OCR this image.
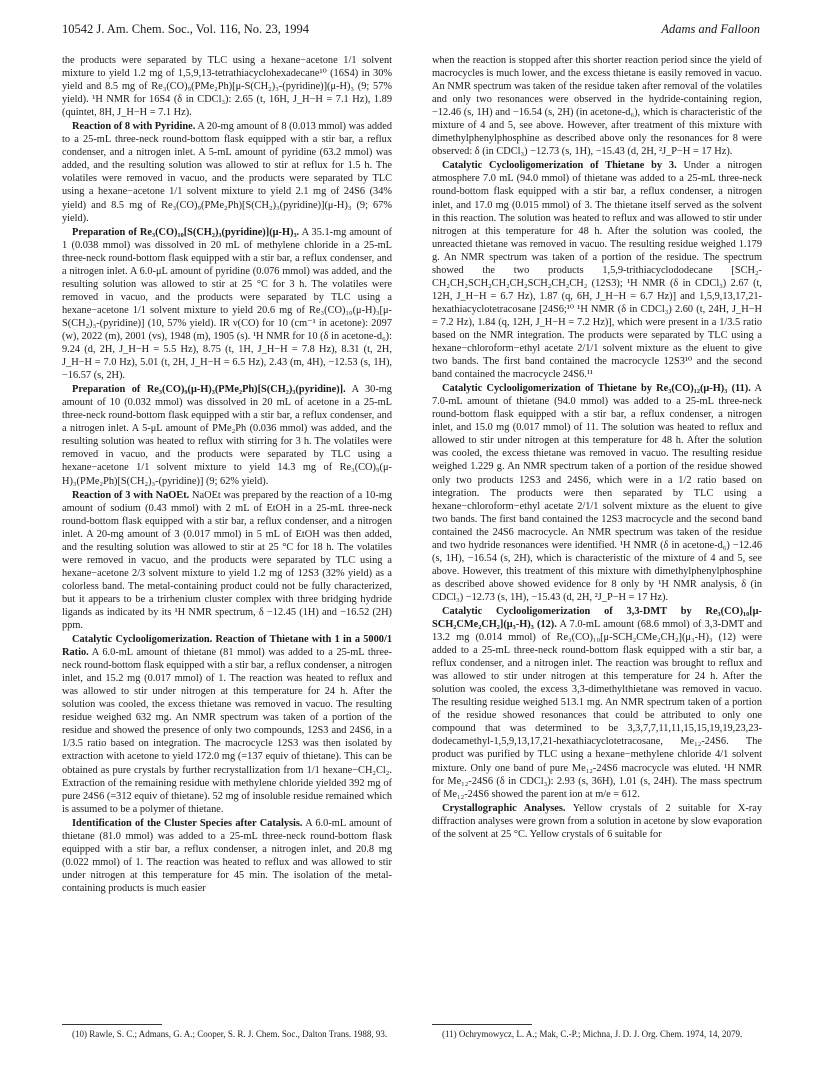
10542 J. Am. Chem. Soc., Vol. 116, No. 23, 1994	Adams and Falloon

the products were separated by TLC using a hexane−acetone 1/1 solvent mixture to yield 1.2 mg of 1,5,9,13-tetrathiacyclohexadecane¹⁰ (16S4) in 30% yield and 8.5 mg of Re₃(CO)₉(PMe₂Ph)[μ-S(CH₂)₃-(pyridine)](μ-H)₃ (9; 57% yield). ¹H NMR for 16S4 (δ in CDCl₃): 2.65 (t, 16H, J_H−H = 7.1 Hz), 1.89 (quintet, 8H, J_H−H = 7.1 Hz).

Reaction of 8 with Pyridine. A 20-mg amount of 8 (0.013 mmol) was added to a 25-mL three-neck round-bottom flask equipped with a stir bar, a reflux condenser, and a nitrogen inlet. A 5-mL amount of pyridine (63.2 mmol) was added, and the resulting solution was allowed to stir at reflux for 1.5 h. The volatiles were removed in vacuo, and the products were separated by TLC using a hexane−acetone 1/1 solvent mixture to yield 2.1 mg of 24S6 (34% yield) and 8.5 mg of Re₃(CO)₉(PMe₂Ph)[S(CH₂)₃(pyridine)](μ-H)₃ (9; 67% yield).

Preparation of Re₃(CO)₁₀[S(CH₂)₃(pyridine)](μ-H)₃. A 35.1-mg amount of 1 (0.038 mmol) was dissolved in 20 mL of methylene chloride in a 25-mL three-neck round-bottom flask equipped with a stir bar, a reflux condenser, and a nitrogen inlet. A 6.0-μL amount of pyridine (0.076 mmol) was added, and the resulting solution was allowed to stir at 25 °C for 3 h. The volatiles were removed in vacuo, and the products were separated by TLC using a hexane−acetone 1/1 solvent mixture to yield 20.6 mg of Re₃(CO)₁₀(μ-H)₃[μ-S(CH₂)₃-(pyridine)] (10, 57% yield). IR ν(CO) for 10 (cm⁻¹ in acetone): 2097 (w), 2022 (m), 2001 (vs), 1948 (m), 1905 (s). ¹H NMR for 10 (δ in acetone-d₆): 9.24 (d, 2H, J_H−H = 5.5 Hz), 8.75 (t, 1H, J_H−H = 7.8 Hz), 8.31 (t, 2H, J_H−H = 7.0 Hz), 5.01 (t, 2H, J_H−H = 6.5 Hz), 2.43 (m, 4H), −12.53 (s, 1H), −16.57 (s, 2H).

Preparation of Re₃(CO)₉(μ-H)₃(PMe₂Ph)[S(CH₂)₃(pyridine)]. A 30-mg amount of 10 (0.032 mmol) was dissolved in 20 mL of acetone in a 25-mL three-neck round-bottom flask equipped with a stir bar, a reflux condenser, and a nitrogen inlet. A 5-μL amount of PMe₂Ph (0.036 mmol) was added, and the resulting solution was heated to reflux with stirring for 3 h. The volatiles were removed in vacuo, and the products were separated by TLC using a hexane−acetone 1/1 solvent mixture to yield 14.3 mg of Re₃(CO)₉(μ-H)₃(PMe₂Ph)[S(CH₂)₃-(pyridine)] (9; 62% yield).

Reaction of 3 with NaOEt. NaOEt was prepared by the reaction of a 10-mg amount of sodium (0.43 mmol) with 2 mL of EtOH in a 25-mL three-neck round-bottom flask equipped with a stir bar, a reflux condenser, and a nitrogen inlet. A 20-mg amount of 3 (0.017 mmol) in 5 mL of EtOH was then added, and the resulting solution was allowed to stir at 25 °C for 18 h. The volatiles were removed in vacuo, and the products were separated by TLC using a hexane−acetone 2/3 solvent mixture to yield 1.2 mg of 12S3 (32% yield) as a colorless band. The metal-containing product could not be fully characterized, but it appears to be a trirhenium cluster complex with three bridging hydride ligands as indicated by its ¹H NMR spectrum, δ −12.45 (1H) and −16.52 (2H) ppm.

Catalytic Cyclooligomerization. Reaction of Thietane with 1 in a 5000/1 Ratio. A 6.0-mL amount of thietane (81 mmol) was added to a 25-mL three-neck round-bottom flask equipped with a stir bar, a reflux condenser, a nitrogen inlet, and 15.2 mg (0.017 mmol) of 1. The reaction was heated to reflux and was allowed to stir under nitrogen at this temperature for 24 h. After the solution was cooled, the excess thietane was removed in vacuo. The resulting residue weighed 632 mg. An NMR spectrum was taken of a portion of the residue and showed the presence of only two compounds, 12S3 and 24S6, in a 1/3.5 ratio based on integration. The macrocycle 12S3 was then isolated by extraction with acetone to yield 172.0 mg (=137 equiv of thietane). This can be obtained as pure crystals by further recrystallization from 1/1 hexane−CH₂Cl₂. Extraction of the remaining residue with methylene chloride yielded 392 mg of pure 24S6 (=312 equiv of thietane). 52 mg of insoluble residue remained which is assumed to be a polymer of thietane.

Identification of the Cluster Species after Catalysis. A 6.0-mL amount of thietane (81.0 mmol) was added to a 25-mL three-neck round-bottom flask equipped with a stir bar, a reflux condenser, a nitrogen inlet, and 20.8 mg (0.022 mmol) of 1. The reaction was heated to reflux and was allowed to stir under nitrogen at this temperature for 45 min. The isolation of the metal-containing products is much easier

when the reaction is stopped after this shorter reaction period since the yield of macrocycles is much lower, and the excess thietane is easily removed in vacuo. An NMR spectrum was taken of the residue taken after removal of the volatiles and only two resonances were observed in the hydride-containing region, −12.46 (s, 1H) and −16.54 (s, 2H) (in acetone-d₆), which is characteristic of the mixture of 4 and 5, see above. However, after treatment of this mixture with dimethylphenylphosphine as described above only the resonances for 8 were observed: δ (in CDCl₃) −12.73 (s, 1H), −15.43 (d, 2H, ²J_P−H = 17 Hz).

Catalytic Cyclooligomerization of Thietane by 3. Under a nitrogen atmosphere 7.0 mL (94.0 mmol) of thietane was added to a 25-mL three-neck round-bottom flask equipped with a stir bar, a reflux condenser, a nitrogen inlet, and 17.0 mg (0.015 mmol) of 3. The thietane itself served as the solvent in this reaction. The solution was heated to reflux and was allowed to stir under nitrogen at this temperature for 48 h. After the solution was cooled, the unreacted thietane was removed in vacuo. The resulting residue weighed 1.179 g. An NMR spectrum was taken of a portion of the residue. The spectrum showed the two products 1,5,9-trithiacyclododecane [SCH₂-CH₂CH₂SCH₂CH₂CH₂SCH₂CH₂CH₂ (12S3); ¹H NMR (δ in CDCl₃) 2.67 (t, 12H, J_H−H = 6.7 Hz), 1.87 (q, 6H, J_H−H = 6.7 Hz)] and 1,5,9,13,17,21-hexathiacyclotetracosane [24S6;¹⁰ ¹H NMR (δ in CDCl₃) 2.60 (t, 24H, J_H−H = 7.2 Hz), 1.84 (q, 12H, J_H−H = 7.2 Hz)], which were present in a 1/3.5 ratio based on the NMR integration. The products were separated by TLC using a hexane−chloroform−ethyl acetate 2/1/1 solvent mixture as the eluent to give two bands. The first band contained the macrocycle 12S3¹⁰ and the second band contained the macrocycle 24S6.¹¹

Catalytic Cyclooligomerization of Thietane by Re₃(CO)₁₂(μ-H)₃ (11). A 7.0-mL amount of thietane (94.0 mmol) was added to a 25-mL three-neck round-bottom flask equipped with a stir bar, a reflux condenser, a nitrogen inlet, and 15.0 mg (0.017 mmol) of 11. The solution was heated to reflux and allowed to stir under nitrogen at this temperature for 48 h. After the solution was cooled, the excess thietane was removed in vacuo. The resulting residue weighed 1.229 g. An NMR spectrum taken of a portion of the residue showed only two products 12S3 and 24S6, which were in a 1/2 ratio based on integration. The products were then separated by TLC using a hexane−chloroform−ethyl acetate 2/1/1 solvent mixture as the eluent to give two bands. The first band contained the 12S3 macrocycle and the second band contained the 24S6 macrocycle. An NMR spectrum was taken of the residue and two hydride resonances were identified. ¹H NMR (δ in acetone-d₆) −12.46 (s, 1H), −16.54 (s, 2H), which is characteristic of the mixture of 4 and 5, see above. However, this treatment of this mixture with dimethylphenylphosphine as described above showed evidence for 8 only by ¹H NMR analysis, δ (in CDCl₃) −12.73 (s, 1H), −15.43 (d, 2H, ²J_P−H = 17 Hz).

Catalytic Cyclooligomerization of 3,3-DMT by Re₃(CO)₁₀[μ-SCH₂CMe₂CH₂](μ₃-H)₃ (12). A 7.0-mL amount (68.6 mmol) of 3,3-DMT and 13.2 mg (0.014 mmol) of Re₃(CO)₁₀[μ-SCH₂CMe₂CH₂](μ₃-H)₃ (12) were added to a 25-mL three-neck round-bottom flask equipped with a stir bar, a reflux condenser, and a nitrogen inlet. The reaction was brought to reflux and was allowed to stir under nitrogen at this temperature for 24 h. After the solution was cooled, the excess 3,3-dimethylthietane was removed in vacuo. The resulting residue weighed 513.1 mg. An NMR spectrum taken of a portion of the residue showed resonances that could be attributed to only one compound that was determined to be 3,3,7,7,11,11,15,15,19,19,23,23-dodecamethyl-1,5,9,13,17,21-hexathiacyclotetracosane, Me₁₂-24S6. The product was purified by TLC using a hexane−methylene chloride 4/1 solvent mixture. Only one band of pure Me₁₂-24S6 macrocycle was eluted. ¹H NMR for Me₁₂-24S6 (δ in CDCl₃): 2.93 (s, 36H), 1.01 (s, 24H). The mass spectrum of Me₁₂-24S6 showed the parent ion at m/e = 612.

Crystallographic Analyses. Yellow crystals of 2 suitable for X-ray diffraction analyses were grown from a solution in acetone by slow evaporation of the solvent at 25 °C. Yellow crystals of 6 suitable for

(10) Rawle, S. C.; Admans, G. A.; Cooper, S. R. J. Chem. Soc., Dalton Trans. 1988, 93.	(11) Ochrymowycz, L. A.; Mak, C.-P.; Michna, J. D. J. Org. Chem. 1974, 14, 2079.
